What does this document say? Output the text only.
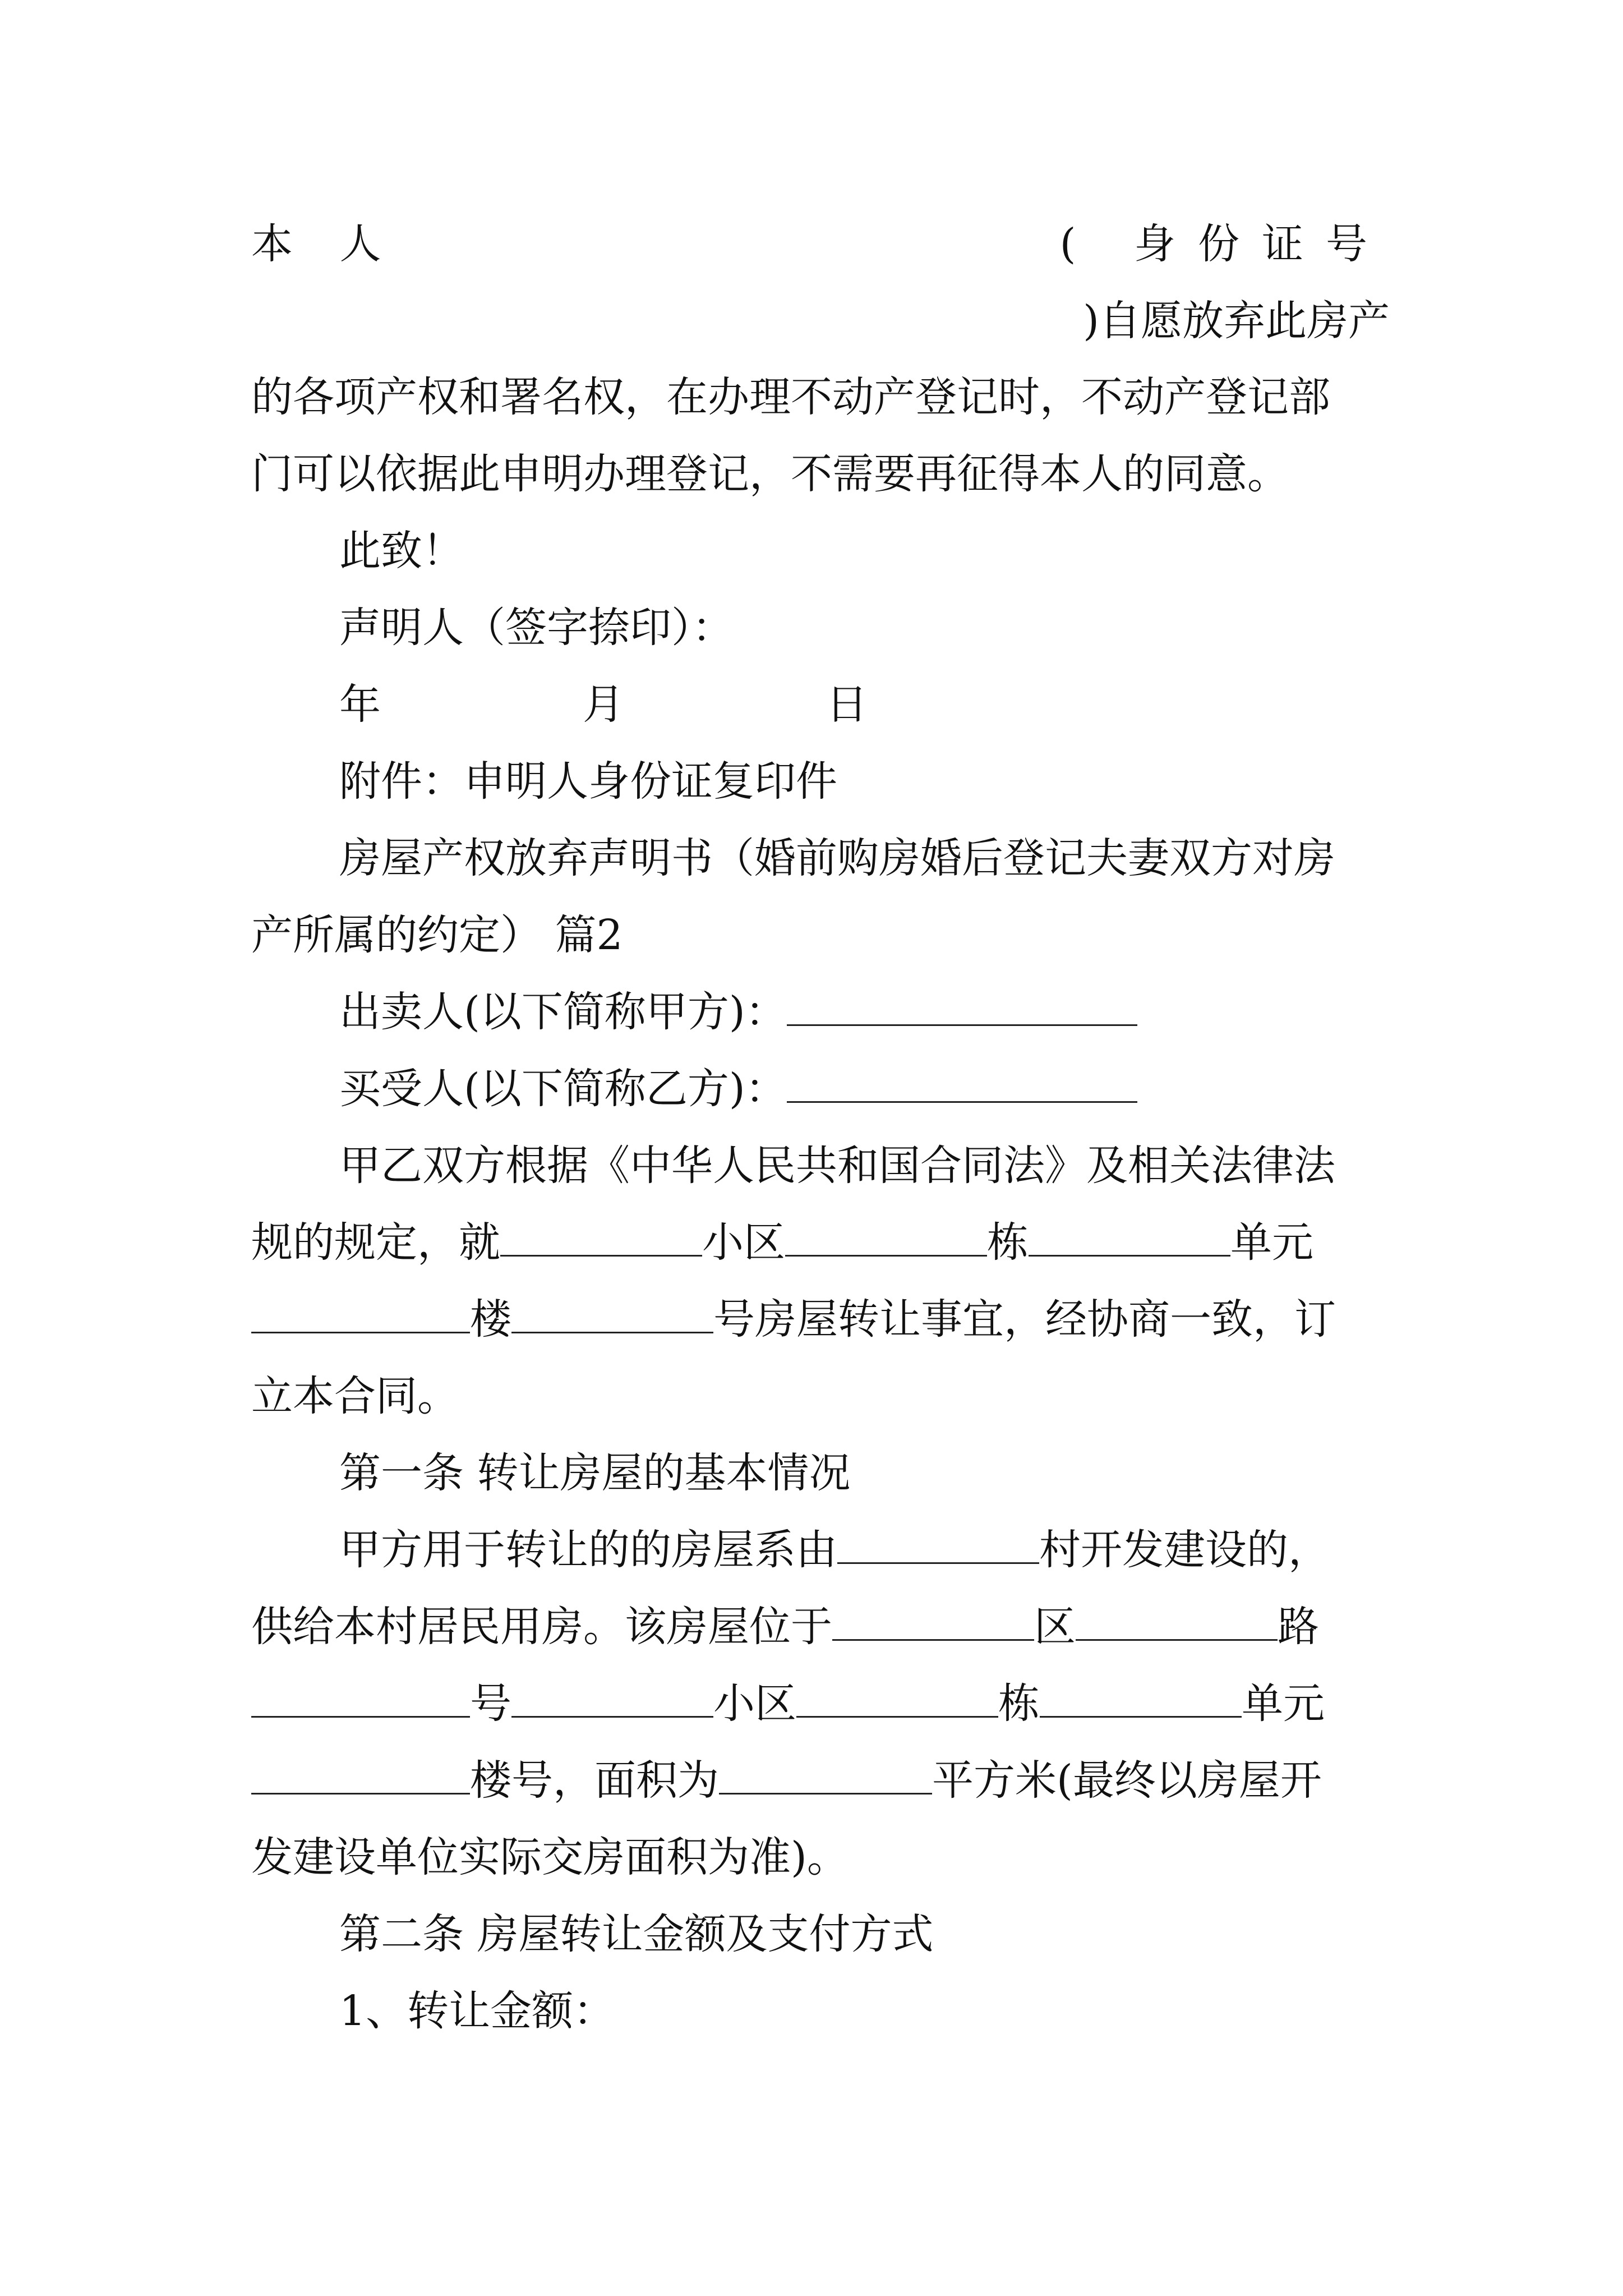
本 人	( 身份证号
)自愿放弃此房产
的各项产权和署名权，在办理不动产登记时，不动产登记部
门可以依据此申明办理登记，不需要再征得本人的同意。
此致！
声明人（签字捺印）：
年	月	日
附件：申明人身份证复印件
房屋产权放弃声明书（婚前购房婚后登记夫妻双方对房
产所属的约定） 篇2
出卖人(以下简称甲方)：
买受人(以下简称乙方)：
甲乙双方根据《中华人民共和国合同法》及相关法律法
规的规定，就	小区	栋	单元
楼	号房屋转让事宜，经协商一致，订
立本合同。
第一条 转让房屋的基本情况
甲方用于转让的的房屋系由	村开发建设的，
供给本村居民用房。该房屋位于	区	路
号	小区	栋	单元
楼号，面积为	平方米(最终以房屋开
发建设单位实际交房面积为准)。
第二条 房屋转让金额及支付方式
1、转让金额：
